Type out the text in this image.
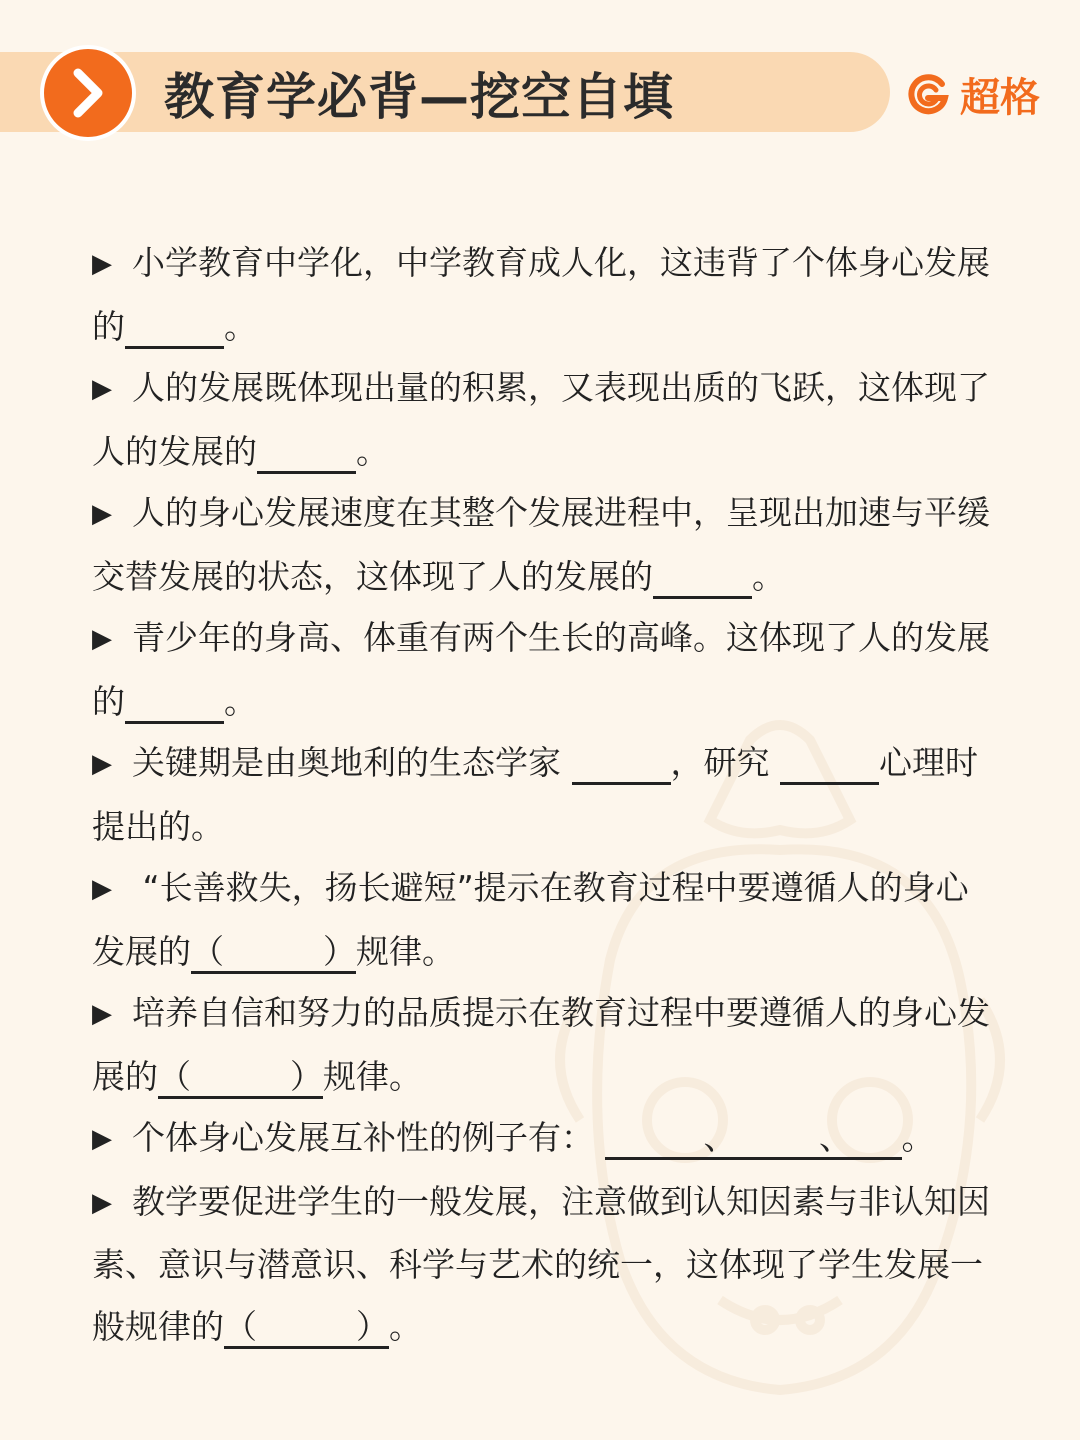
教育学必背—挖空自填	超格

▶ 小学教育中学化，中学教育成人化，这违背了个体身心发展的　　　	。

▶ 人的发展既体现出量的积累，又表现出质的飞跃，这体现了人的发展的　　　	。

▶ 人的身心发展速度在其整个发展进程中，呈现出加速与平缓交替发展的状态，这体现了人的发展的　　　	。

▶ 青少年的身高、体重有两个生长的高峰。这体现了人的发展的　　　	。

▶ 关键期是由奥地利的生态学家 　　　	，研究 　　　	心理时提出的。

▶ “长善救失，扬长避短”提示在教育过程中要遵循人的身心发展的（　　　）规律。

▶ 培养自信和努力的品质提示在教育过程中要遵循人的身心发展的（　　　）规律。

▶ 个体身心发展互补性的例子有： 　　　、　　　、　　。

▶ 教学要促进学生的一般发展，注意做到认知因素与非认知因素、意识与潜意识、科学与艺术的统一，这体现了学生发展一般规律的（　　　）。
